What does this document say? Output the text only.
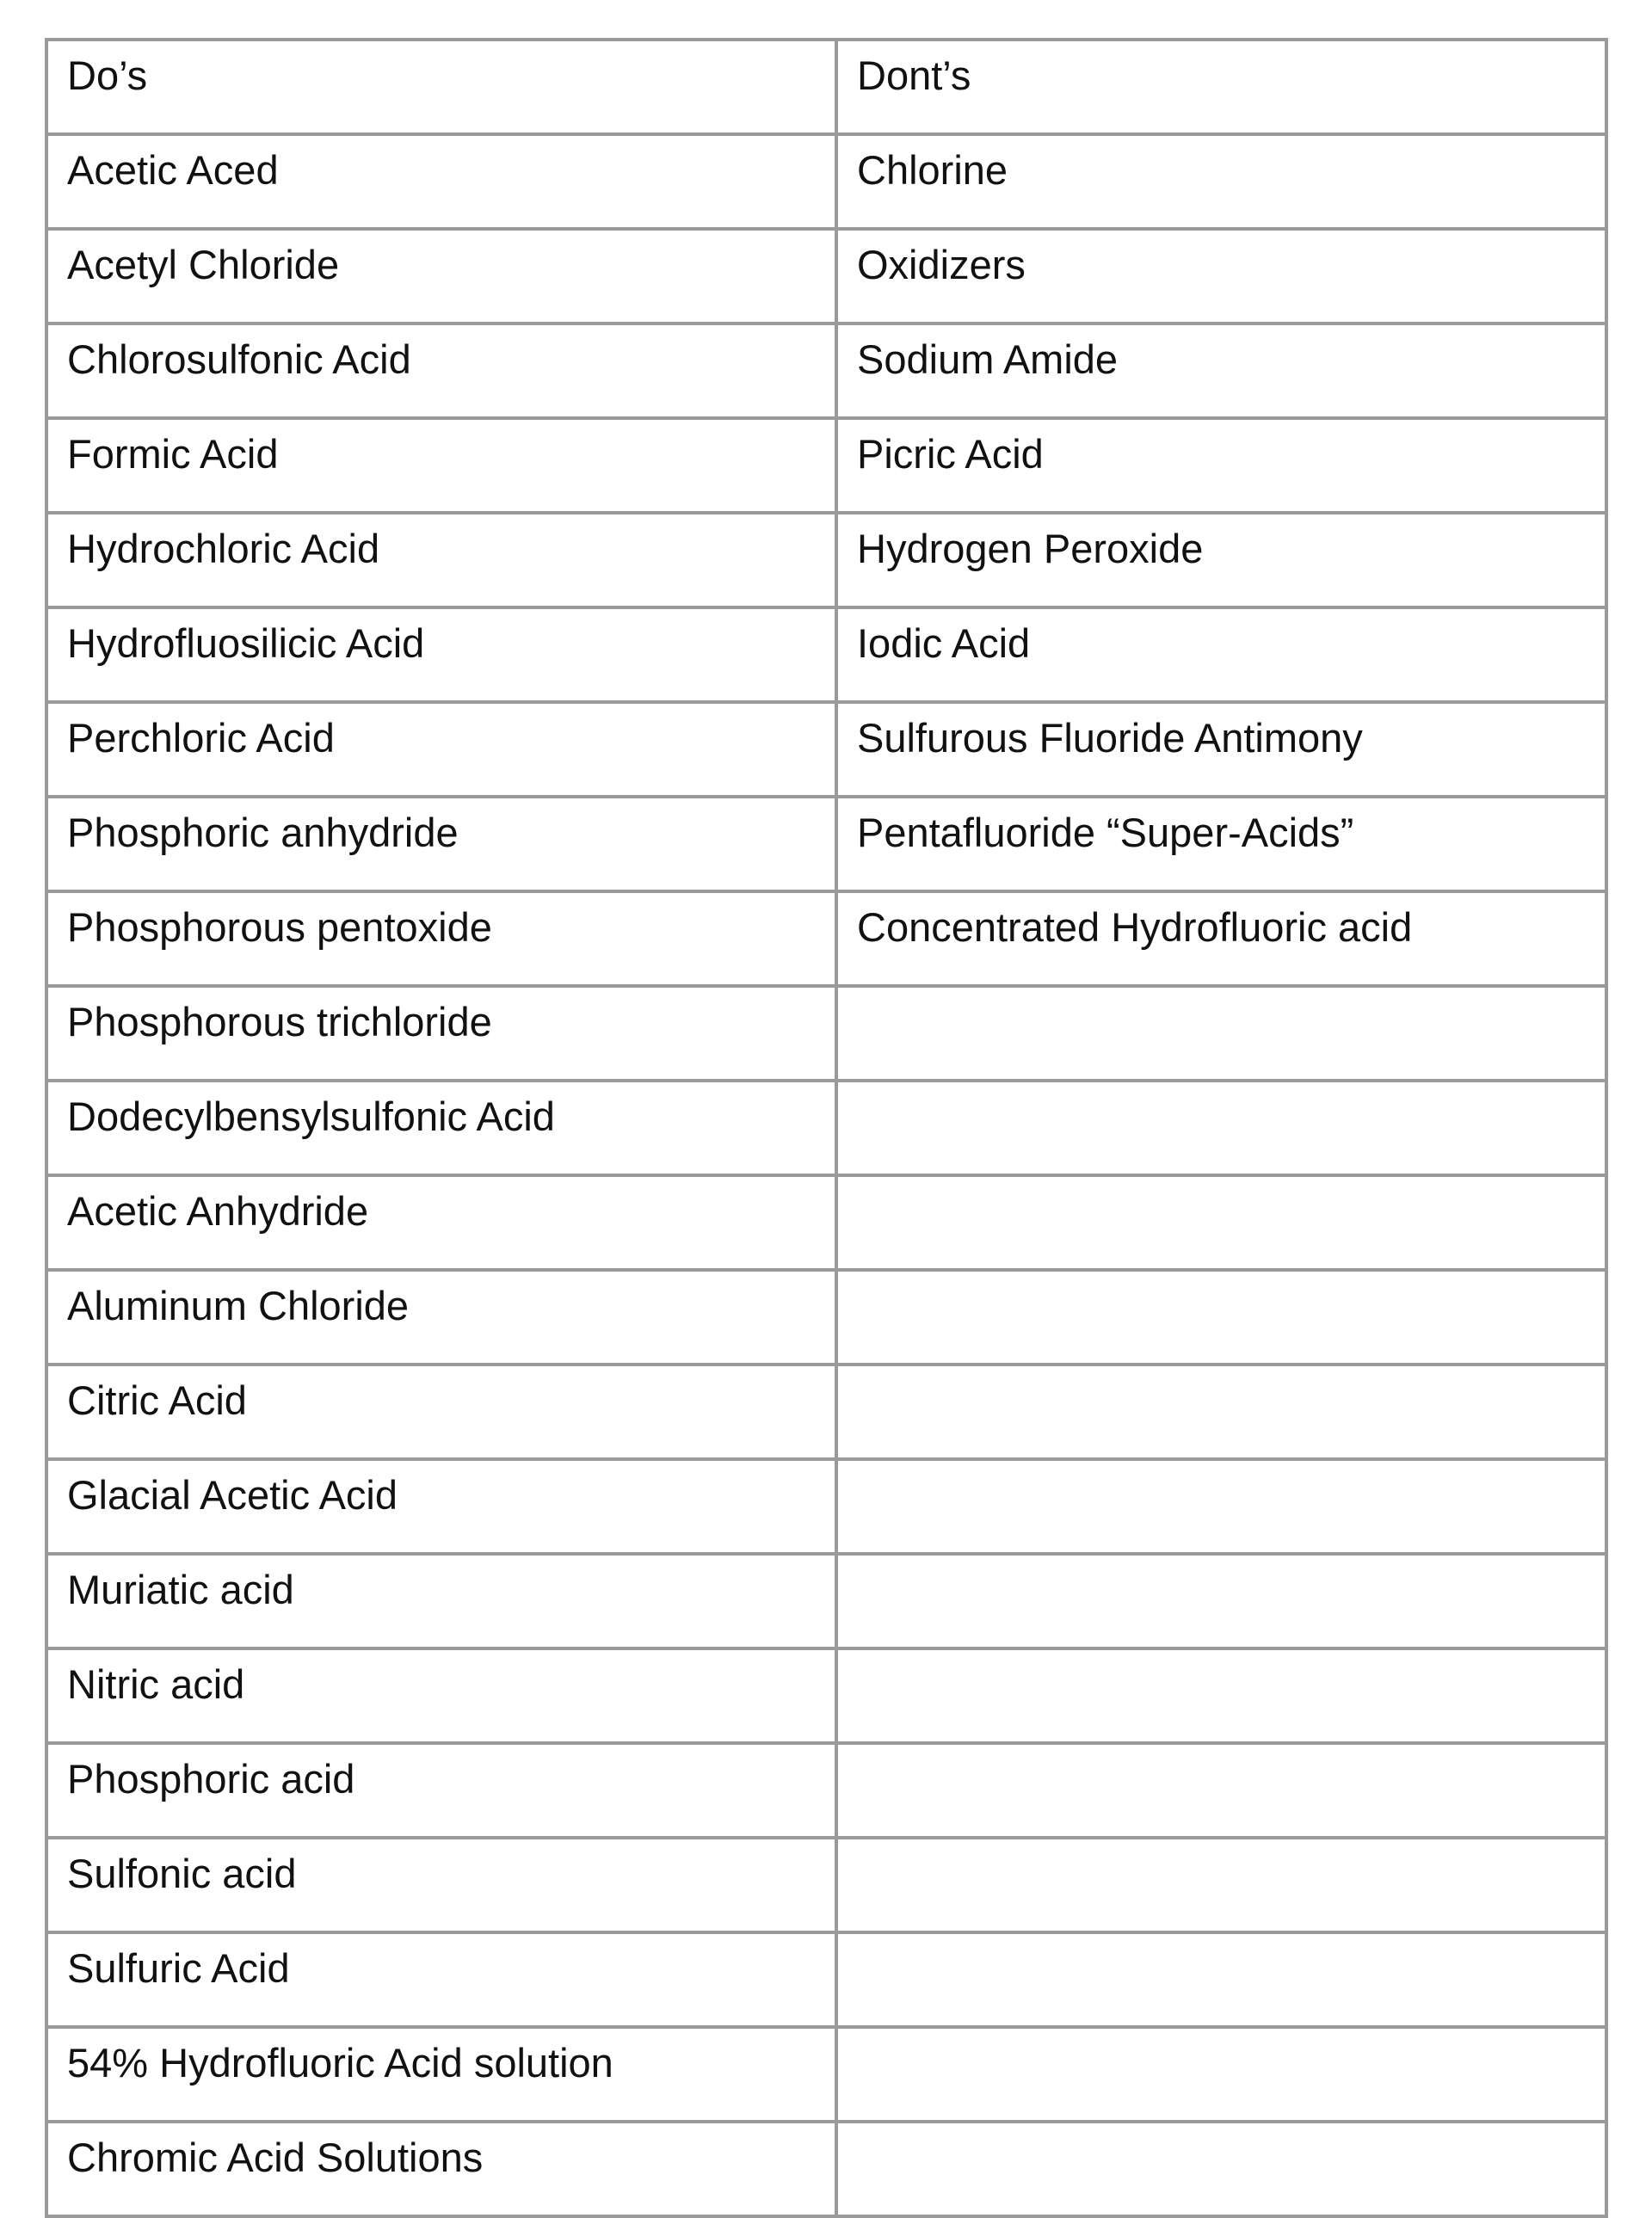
Do’s	Dont’s
Acetic Aced	Chlorine
Acetyl Chloride	Oxidizers
Chlorosulfonic Acid	Sodium Amide
Formic Acid	Picric Acid
Hydrochloric Acid	Hydrogen Peroxide
Hydrofluosilicic Acid	Iodic Acid
Perchloric Acid	Sulfurous Fluoride Antimony
Phosphoric anhydride	Pentafluoride “Super-Acids”
Phosphorous pentoxide	Concentrated Hydrofluoric acid
Phosphorous trichloride	
Dodecylbensylsulfonic Acid	
Acetic Anhydride	
Aluminum Chloride	
Citric Acid	
Glacial Acetic Acid	
Muriatic acid	
Nitric acid	
Phosphoric acid	
Sulfonic acid	
Sulfuric Acid	
54% Hydrofluoric Acid solution	
Chromic Acid Solutions	
